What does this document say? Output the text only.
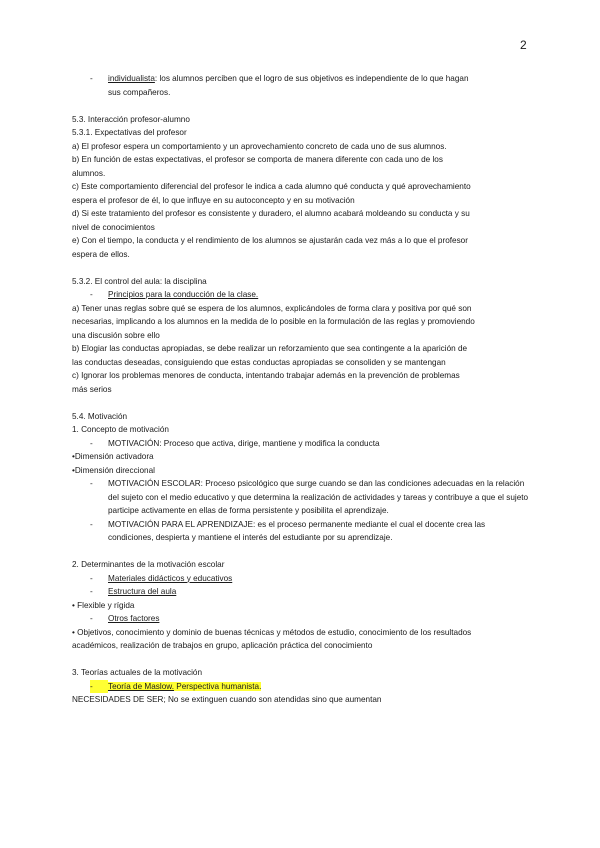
2
- individualista: los alumnos perciben que el logro de sus objetivos es independiente de lo que hagan
sus compañeros.
5.3. Interacción profesor-alumno
5.3.1. Expectativas del profesor
a) El profesor espera un comportamiento y un aprovechamiento concreto de cada uno de sus alumnos.
b) En función de estas expectativas, el profesor se comporta de manera diferente con cada uno de los
alumnos.
c) Este comportamiento diferencial del profesor le indica a cada alumno qué conducta y qué aprovechamiento
espera el profesor de él, lo que influye en su autoconcepto y en su motivación
d) Si este tratamiento del profesor es consistente y duradero, el alumno acabará moldeando su conducta y su
nivel de conocimientos
e) Con el tiempo, la conducta y el rendimiento de los alumnos se ajustarán cada vez más a lo que el profesor
espera de ellos.
5.3.2. El control del aula: la disciplina
- Principios para la conducción de la clase.
a) Tener unas reglas sobre qué se espera de los alumnos, explicándoles de forma clara y positiva por qué son
necesarias, implicando a los alumnos en la medida de lo posible en la formulación de las reglas y promoviendo
una discusión sobre ello
b) Elogiar las conductas apropiadas, se debe realizar un reforzamiento que sea contingente a la aparición de
las conductas deseadas, consiguiendo que estas conductas apropiadas se consoliden y se mantengan
c) Ignorar los problemas menores de conducta, intentando trabajar además en la prevención de problemas
más serios
5.4. Motivación
1. Concepto de motivación
- MOTIVACIÓN: Proceso que activa, dirige, mantiene y modifica la conducta
•Dimensión activadora
•Dimensión direccional
- MOTIVACIÓN ESCOLAR: Proceso psicológico que surge cuando se dan las condiciones adecuadas en la relación del sujeto con el medio educativo y que determina la realización de actividades y tareas y contribuye a que el sujeto participe activamente en ellas de forma persistente y posibilita el aprendizaje.
- MOTIVACIÓN PARA EL APRENDIZAJE: es el proceso permanente mediante el cual el docente crea las condiciones, despierta y mantiene el interés del estudiante por su aprendizaje.
2. Determinantes de la motivación escolar
- Materiales didácticos y educativos
- Estructura del aula
• Flexible y rígida
- Otros factores
• Objetivos, conocimiento y dominio de buenas técnicas y métodos de estudio, conocimiento de los resultados
académicos, realización de trabajos en grupo, aplicación práctica del conocimiento
3. Teorías actuales de la motivación
- Teoría de Maslow. Perspectiva humanista.
NECESIDADES DE SER; No se extinguen cuando son atendidas sino que aumentan
